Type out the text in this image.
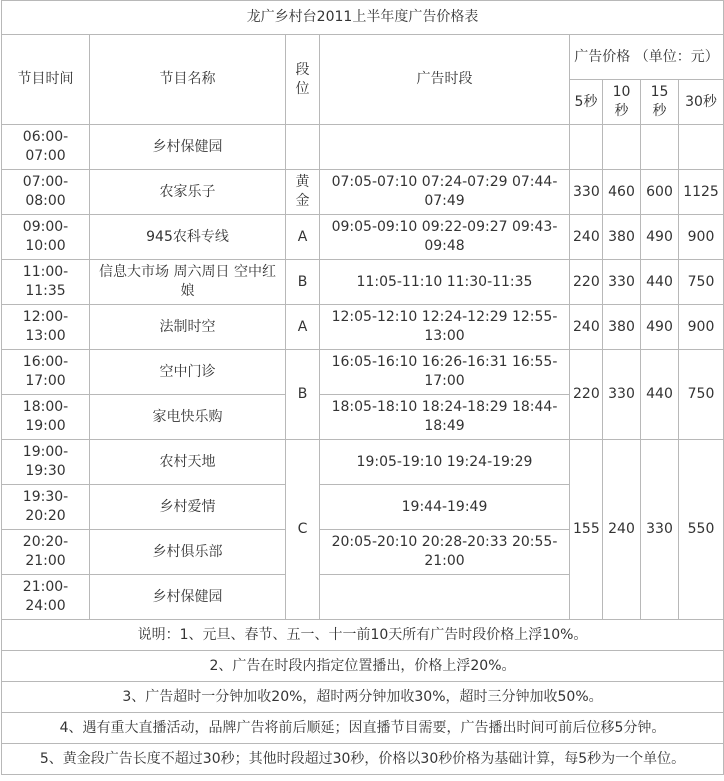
龙广乡村台2011上半年度广告价格表							
节目时间	节目名称	段位	广告时段	广告价格 （单位：元）			
				5秒	10秒	15秒	30秒
06:00-07:00	乡村保健园						
07:00-08:00	农家乐子	黄金	07:05-07:10 07:24-07:29 07:44-07:49	330	460	600	1125
09:00-10:00	945农科专线	A	09:05-09:10 09:22-09:27 09:43-09:48	240	380	490	900
11:00-11:35	信息大市场 周六周日 空中红娘	B	11:05-11:10 11:30-11:35	220	330	440	750
12:00-13:00	法制时空	A	12:05-12:10 12:24-12:29 12:55-13:00	240	380	490	900
16:00-17:00	空中门诊	B	16:05-16:10 16:26-16:31 16:55-17:00	220	330	440	750
18:00-19:00	家电快乐购		18:05-18:10 18:24-18:29 18:44-18:49				
19:00-19:30	农村天地	C	19:05-19:10 19:24-19:29	155	240	330	550
19:30-20:20	乡村爱情		19:44-19:49				
20:20-21:00	乡村俱乐部		20:05-20:10 20:28-20:33 20:55-21:00				
21:00-24:00	乡村保健园						
说明：1、元旦、春节、五一、十一前10天所有广告时段价格上浮10%。							
2、广告在时段内指定位置播出，价格上浮20%。							
3、广告超时一分钟加收20%，超时两分钟加收30%，超时三分钟加收50%。							
4、遇有重大直播活动，品牌广告将前后顺延；因直播节目需要，广告播出时间可前后位移5分钟。							
5、黄金段广告长度不超过30秒；其他时段超过30秒，价格以30秒价格为基础计算，每5秒为一个单位。							
